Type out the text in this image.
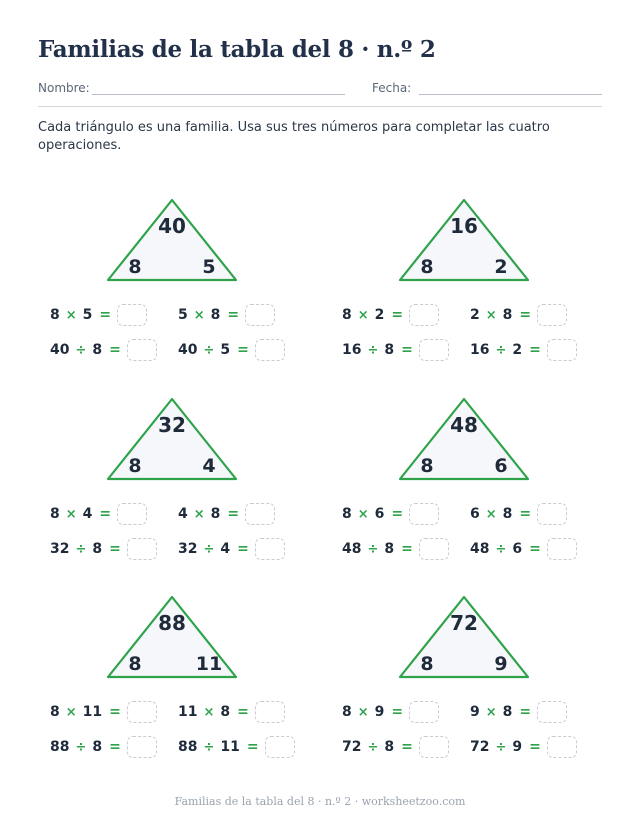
Familias de la tabla del 8 · n.º 2
Nombre:	Fecha:
Cada triángulo es una familia. Usa sus tres números para completar las cuatro operaciones.
40
8	5
8 × 5 =	5 × 8 =
40 ÷ 8 =	40 ÷ 5 =
16
8	2
8 × 2 =	2 × 8 =
16 ÷ 8 =	16 ÷ 2 =
32
8	4
8 × 4 =	4 × 8 =
32 ÷ 8 =	32 ÷ 4 =
48
8	6
8 × 6 =	6 × 8 =
48 ÷ 8 =	48 ÷ 6 =
88
8	11
8 × 11 =	11 × 8 =
88 ÷ 8 =	88 ÷ 11 =
72
8	9
8 × 9 =	9 × 8 =
72 ÷ 8 =	72 ÷ 9 =
Familias de la tabla del 8 · n.º 2 · worksheetzoo.com
